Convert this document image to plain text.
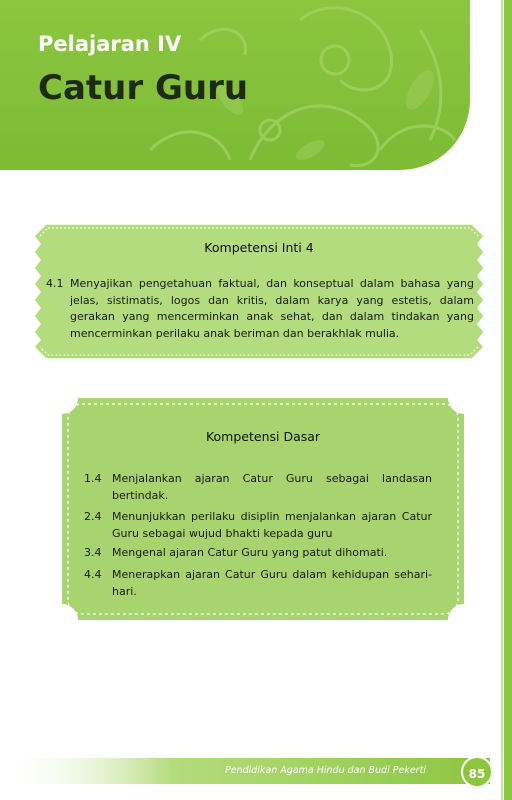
Pelajaran IV
Catur Guru
Kompetensi Inti 4
4.1 Menyajikan pengetahuan faktual, dan konseptual dalam bahasa yang jelas, sistimatis, logos dan kritis, dalam karya yang estetis, dalam gerakan yang mencerminkan anak sehat, dan dalam tindakan yang mencerminkan perilaku anak beriman dan berakhlak mulia.
Kompetensi Dasar
1.4 Menjalankan ajaran Catur Guru sebagai landasan bertindak.
2.4 Menunjukkan perilaku disiplin menjalankan ajaran Catur Guru sebagai wujud bhakti kepada guru
3.4 Mengenal ajaran Catur Guru yang patut dihomati.
4.4 Menerapkan ajaran Catur Guru dalam kehidupan sehari-hari.
Pendidikan Agama Hindu dan Budi Pekerti	85
